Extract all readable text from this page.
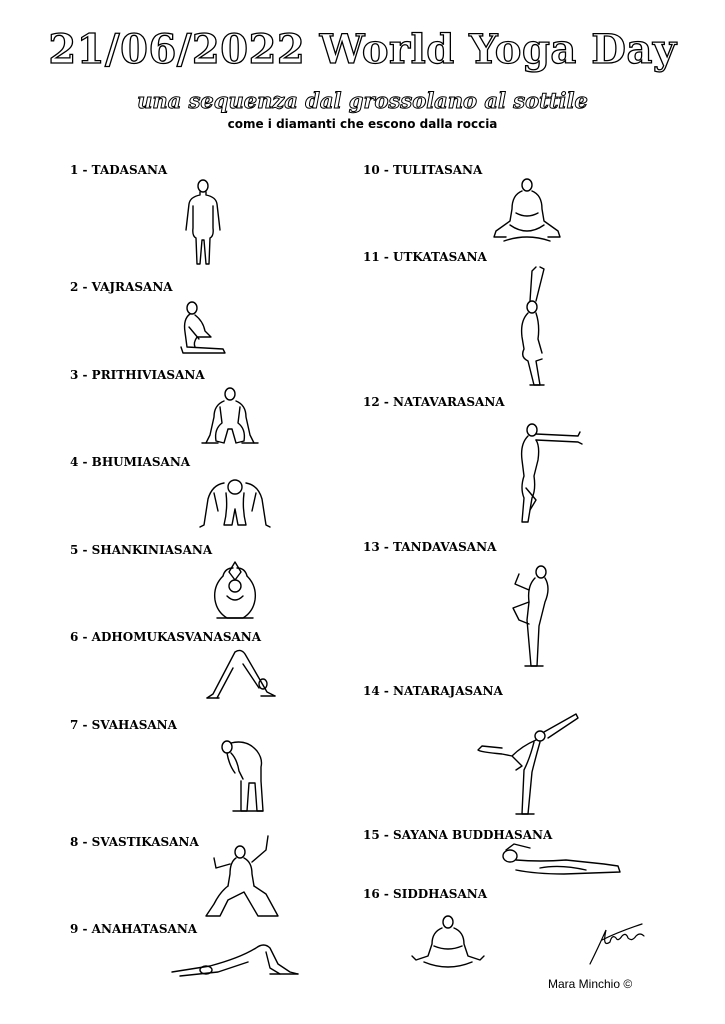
21/06/2022 World Yoga Day
una sequenza dal grossolano al sottile
come i diamanti che escono dalla roccia
1 - TADASANA
2 - VAJRASANA
3 - PRITHIVIASANA
4 - BHUMIASANA
5 - SHANKINIASANA
6 - ADHOMUKASVANASANA
7 - SVAHASANA
8 - SVASTIKASANA
9 - ANAHATASANA
10 - TULITASANA
11 - UTKATASANA
12 - NATAVARASANA
13 - TANDAVASANA
14 - NATARAJASANA
15 - SAYANA BUDDHASANA
16 - SIDDHASANA
Mara Minchio ©
